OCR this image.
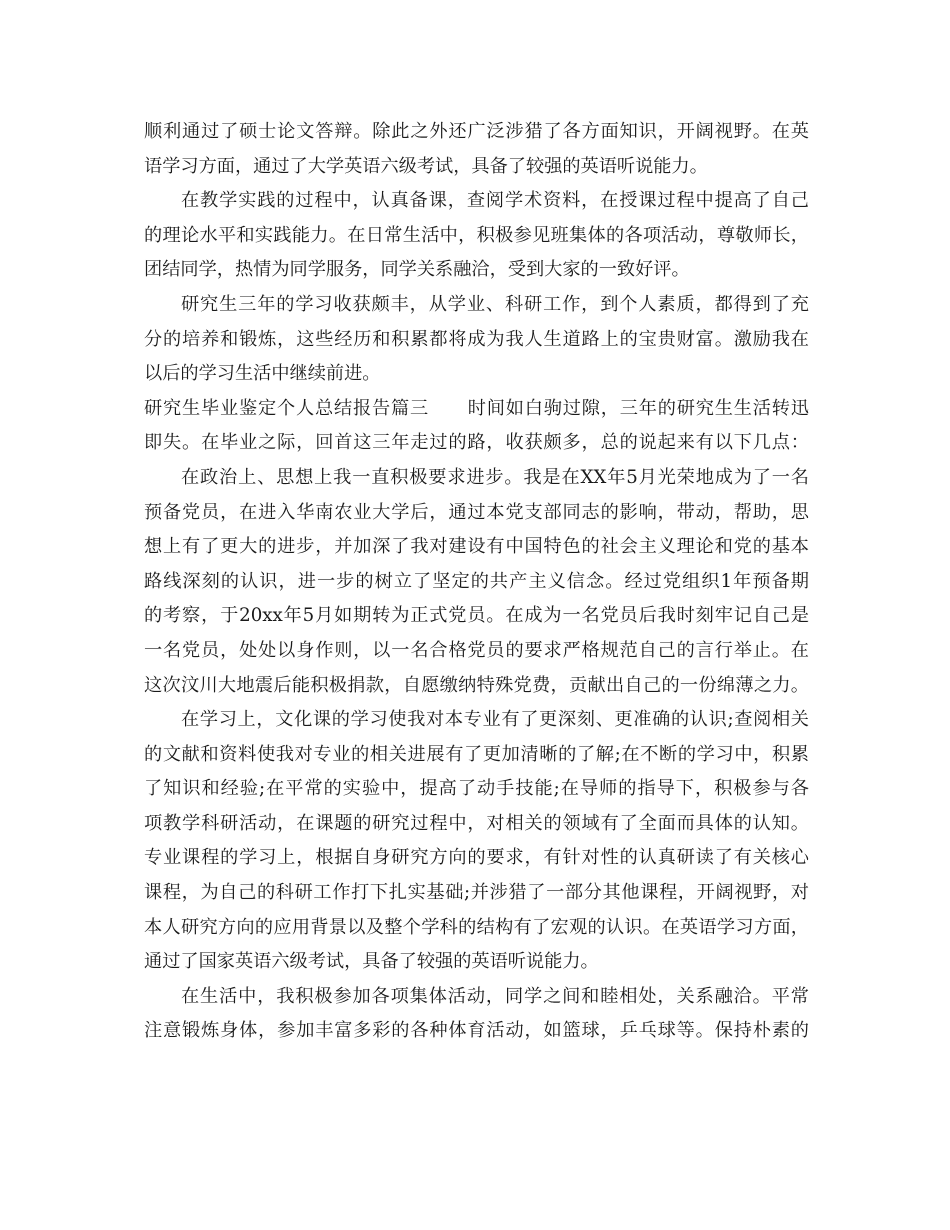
顺利通过了硕士论文答辩。除此之外还广泛涉猎了各方面知识，开阔视野。在英
语学习方面，通过了大学英语六级考试，具备了较强的英语听说能力。
在教学实践的过程中，认真备课，查阅学术资料，在授课过程中提高了自己
的理论水平和实践能力。在日常生活中，积极参见班集体的各项活动，尊敬师长，
团结同学，热情为同学服务，同学关系融洽，受到大家的一致好评。
研究生三年的学习收获颇丰，从学业、科研工作，到个人素质，都得到了充
分的培养和锻炼，这些经历和积累都将成为我人生道路上的宝贵财富。激励我在
以后的学习生活中继续前进。
研究生毕业鉴定个人总结报告篇三 时间如白驹过隙，三年的研究生生活转迅
即失。在毕业之际，回首这三年走过的路，收获颇多，总的说起来有以下几点：
在政治上、思想上我一直积极要求进步。我是在XX年5月光荣地成为了一名
预备党员，在进入华南农业大学后，通过本党支部同志的影响，带动，帮助，思
想上有了更大的进步，并加深了我对建设有中国特色的社会主义理论和党的基本
路线深刻的认识，进一步的树立了坚定的共产主义信念。经过党组织1年预备期
的考察，于20xx年5月如期转为正式党员。在成为一名党员后我时刻牢记自己是
一名党员，处处以身作则，以一名合格党员的要求严格规范自己的言行举止。在
这次汶川大地震后能积极捐款，自愿缴纳特殊党费，贡献出自己的一份绵薄之力。
在学习上，文化课的学习使我对本专业有了更深刻、更准确的认识;查阅相关
的文献和资料使我对专业的相关进展有了更加清晰的了解;在不断的学习中，积累
了知识和经验;在平常的实验中，提高了动手技能;在导师的指导下，积极参与各
项教学科研活动，在课题的研究过程中，对相关的领域有了全面而具体的认知。
专业课程的学习上，根据自身研究方向的要求，有针对性的认真研读了有关核心
课程，为自己的科研工作打下扎实基础;并涉猎了一部分其他课程，开阔视野，对
本人研究方向的应用背景以及整个学科的结构有了宏观的认识。在英语学习方面，
通过了国家英语六级考试，具备了较强的英语听说能力。
在生活中，我积极参加各项集体活动，同学之间和睦相处，关系融洽。平常
注意锻炼身体，参加丰富多彩的各种体育活动，如篮球，乒乓球等。保持朴素的
